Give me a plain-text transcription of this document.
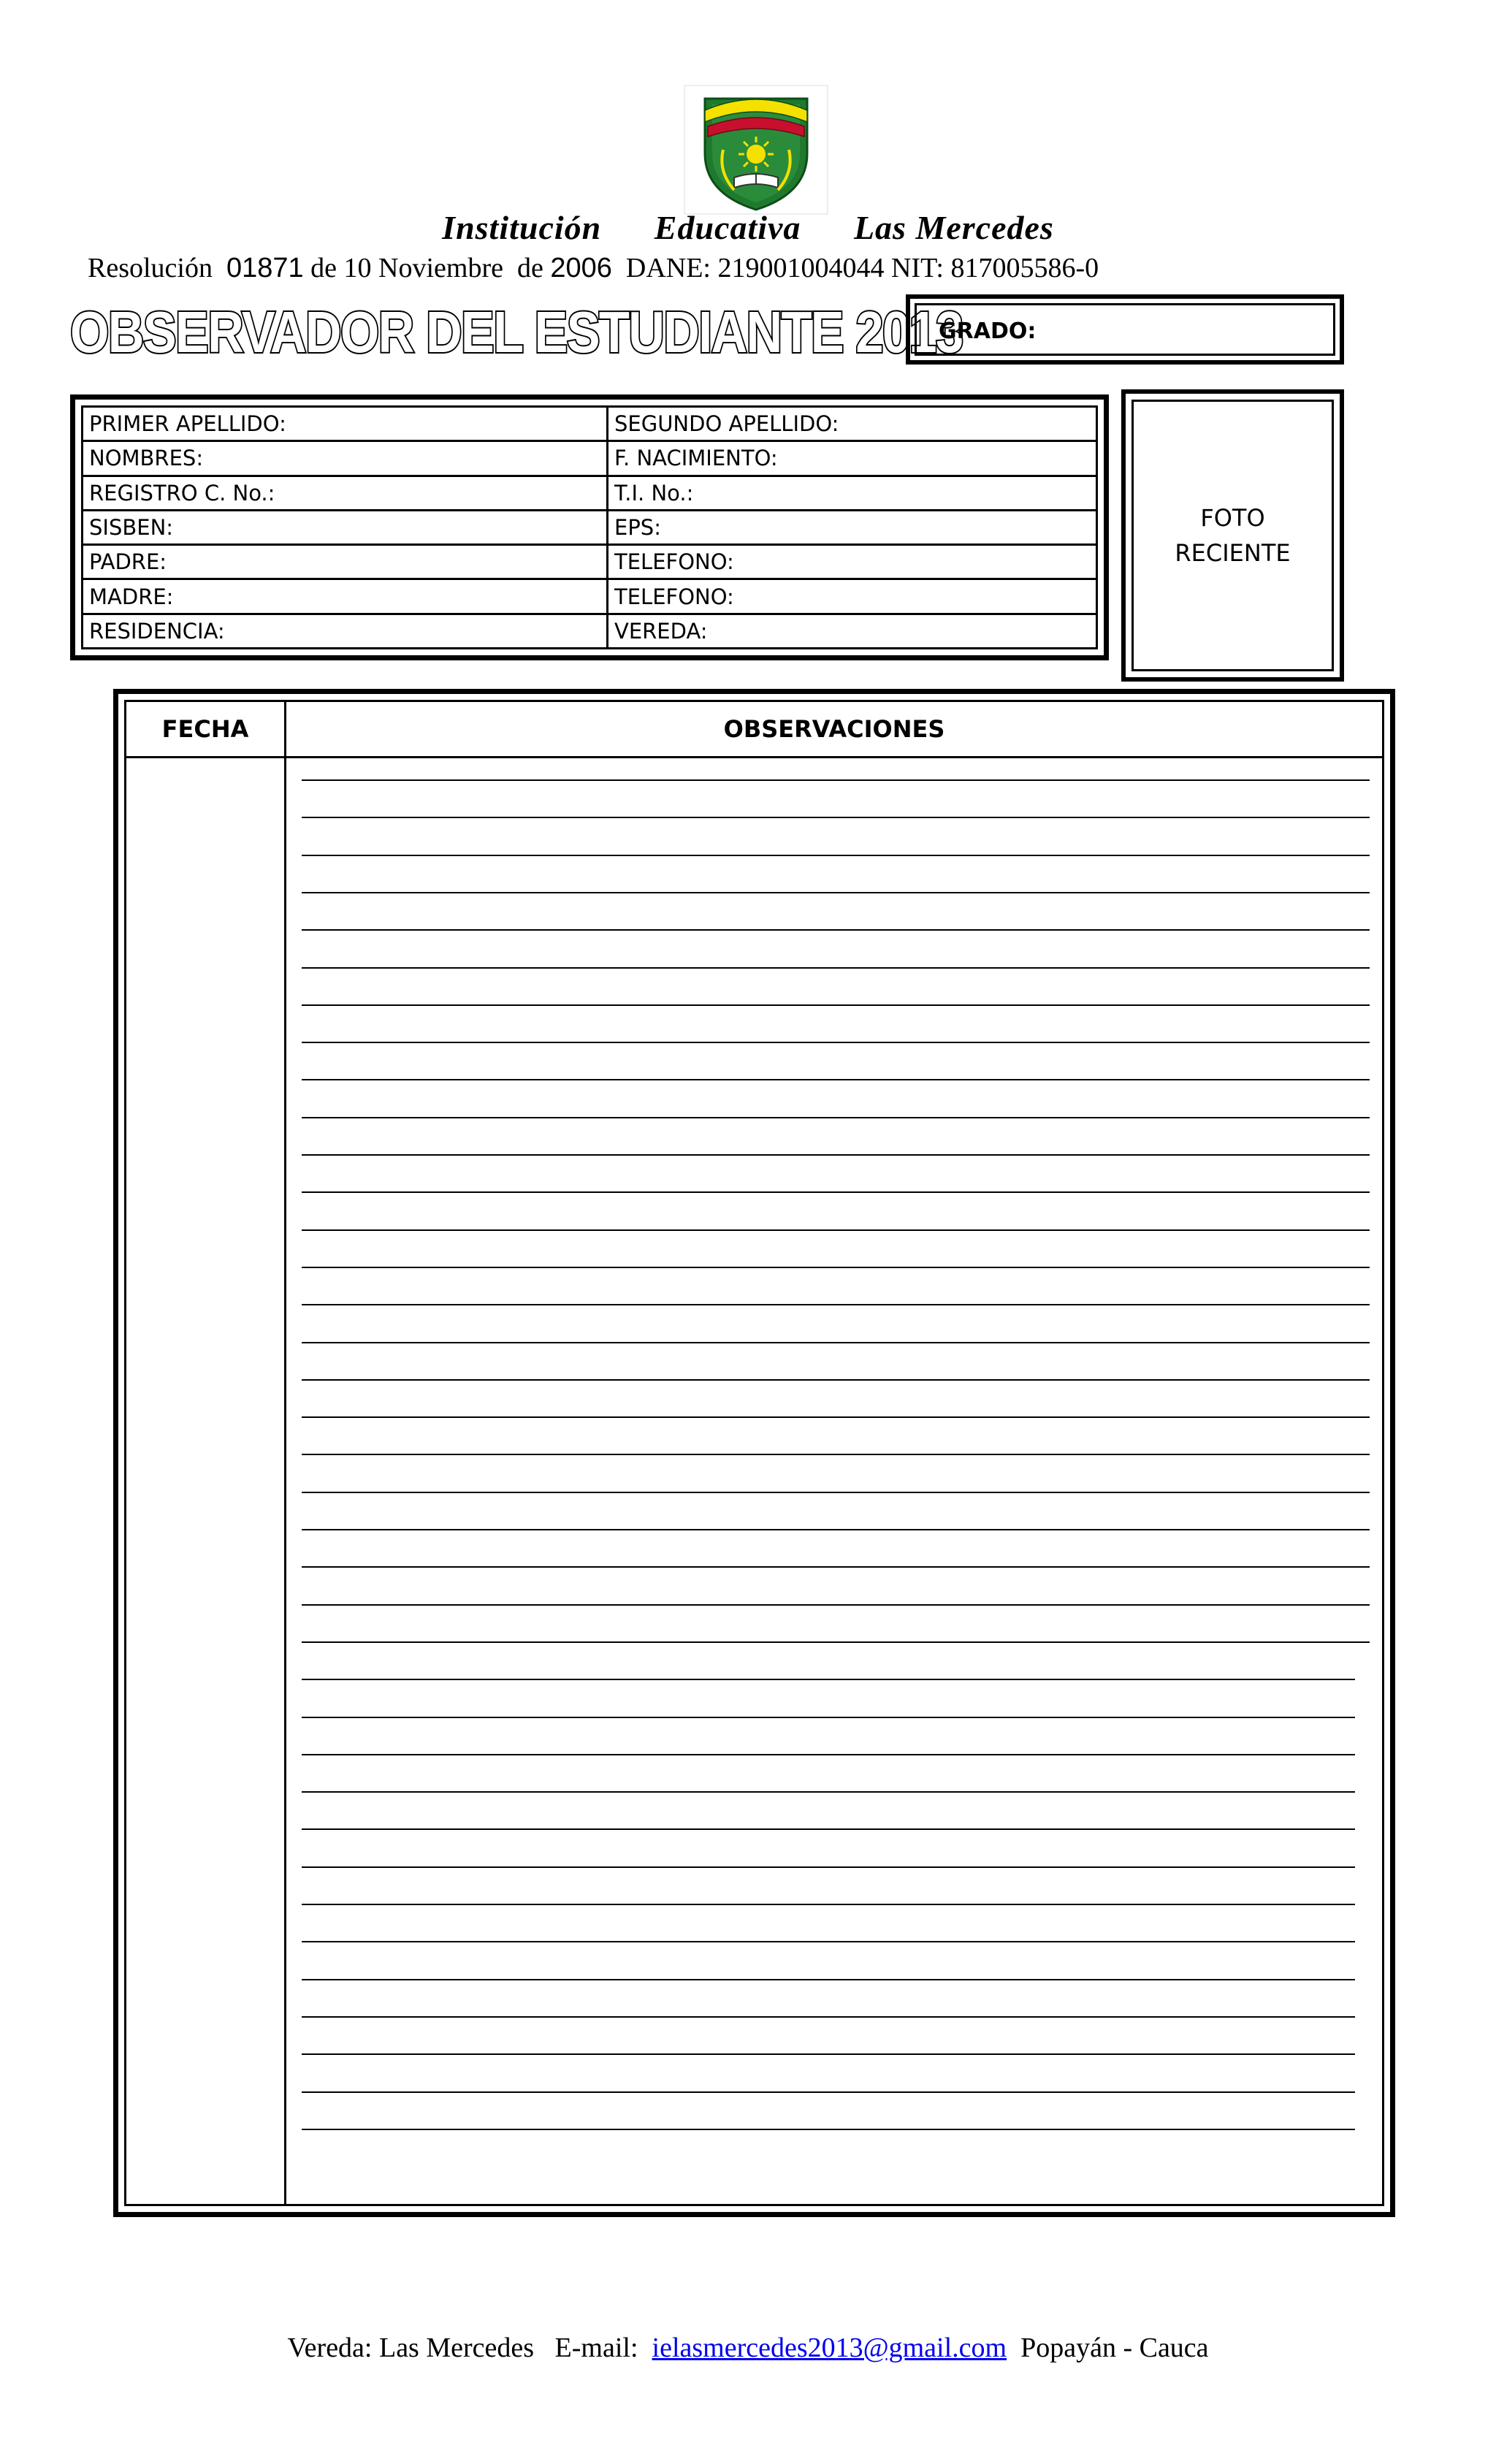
Institución Educativa Las Mercedes
Resolución 01871 de 10 Noviembre de 2006 DANE: 219001004044 NIT: 817005586-0
OBSERVADOR DEL ESTUDIANTE 2013
GRADO:
PRIMER APELLIDO:	SEGUNDO APELLIDO:
NOMBRES:	F. NACIMIENTO:
REGISTRO C. No.:	T.I. No.:
SISBEN:	EPS:
PADRE:	TELEFONO:
MADRE:	TELEFONO:
RESIDENCIA:	VEREDA:
FOTO
RECIENTE
FECHA	OBSERVACIONES
Vereda: Las Mercedes E-mail: ielasmercedes2013@gmail.com Popayán - Cauca
